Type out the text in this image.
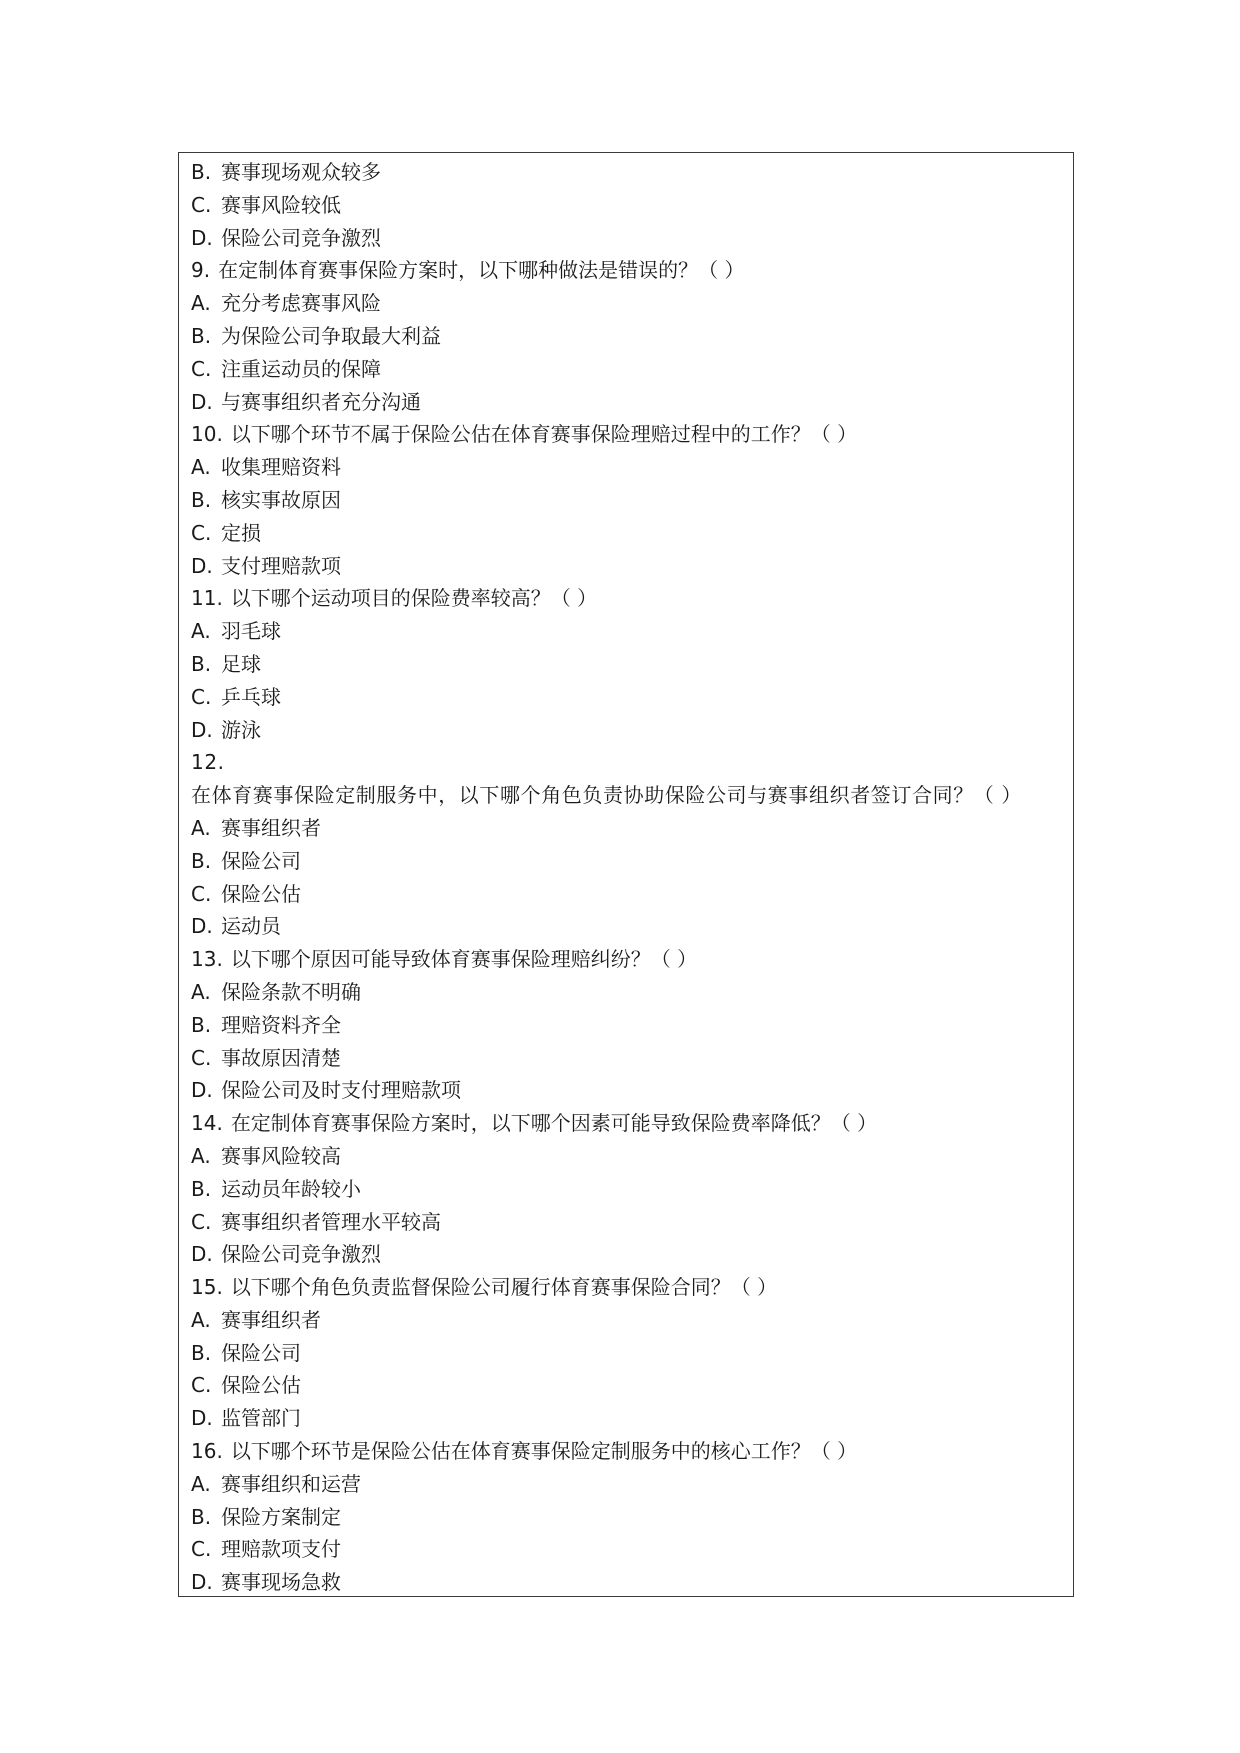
B. 赛事现场观众较多
C. 赛事风险较低
D. 保险公司竞争激烈
9. 在定制体育赛事保险方案时，以下哪种做法是错误的？（ ）
A. 充分考虑赛事风险
B. 为保险公司争取最大利益
C. 注重运动员的保障
D. 与赛事组织者充分沟通
10. 以下哪个环节不属于保险公估在体育赛事保险理赔过程中的工作？（ ）
A. 收集理赔资料
B. 核实事故原因
C. 定损
D. 支付理赔款项
11. 以下哪个运动项目的保险费率较高？（ ）
A. 羽毛球
B. 足球
C. 乒乓球
D. 游泳
12.在体育赛事保险定制服务中，以下哪个角色负责协助保险公司与赛事组织者签订合同？（ ）
A. 赛事组织者
B. 保险公司
C. 保险公估
D. 运动员
13. 以下哪个原因可能导致体育赛事保险理赔纠纷？（ ）
A. 保险条款不明确
B. 理赔资料齐全
C. 事故原因清楚
D. 保险公司及时支付理赔款项
14. 在定制体育赛事保险方案时，以下哪个因素可能导致保险费率降低？（ ）
A. 赛事风险较高
B. 运动员年龄较小
C. 赛事组织者管理水平较高
D. 保险公司竞争激烈
15. 以下哪个角色负责监督保险公司履行体育赛事保险合同？（ ）
A. 赛事组织者
B. 保险公司
C. 保险公估
D. 监管部门
16. 以下哪个环节是保险公估在体育赛事保险定制服务中的核心工作？（ ）
A. 赛事组织和运营
B. 保险方案制定
C. 理赔款项支付
D. 赛事现场急救
